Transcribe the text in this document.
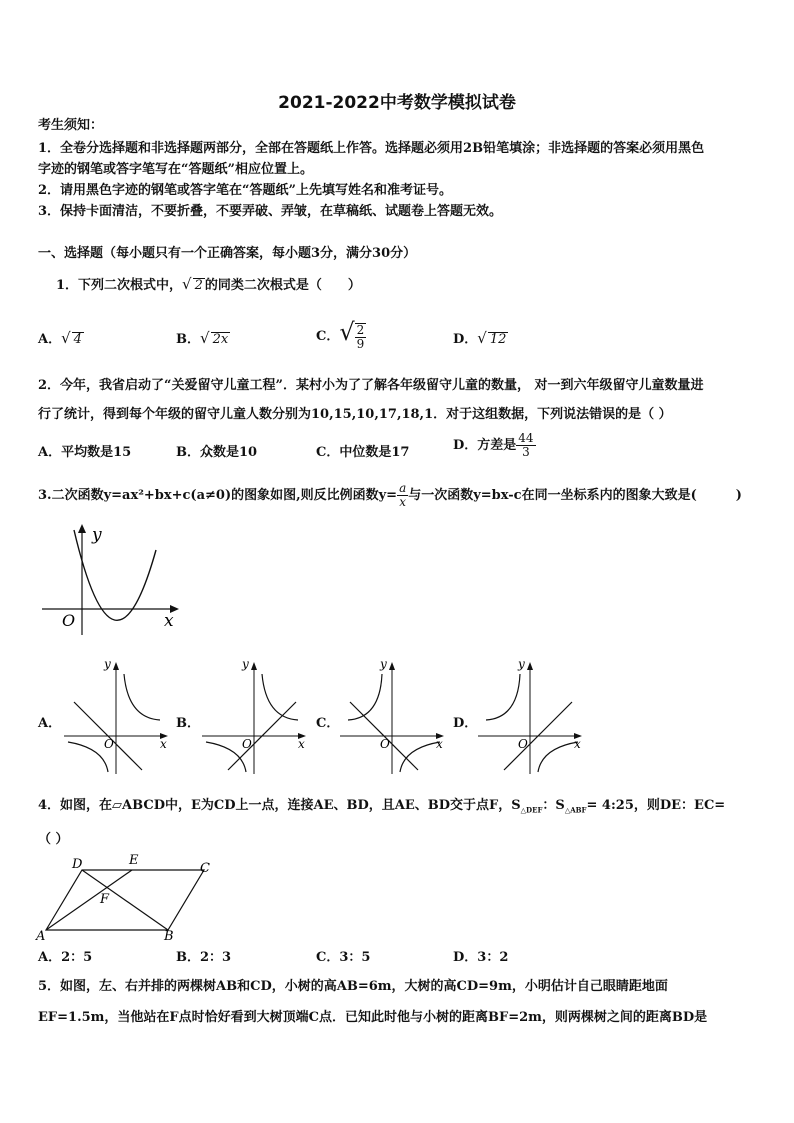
2021-2022中考数学模拟试卷
考生须知：
1．全卷分选择题和非选择题两部分，全部在答题纸上作答。选择题必须用2B铅笔填涂；非选择题的答案必须用黑色
字迹的钢笔或答字笔写在“答题纸”相应位置上。
2．请用黑色字迹的钢笔或答字笔在“答题纸”上先填写姓名和准考证号。
3．保持卡面清洁，不要折叠，不要弄破、弄皱，在草稿纸、试题卷上答题无效。
一、选择题（每小题只有一个正确答案，每小题3分，满分30分）
1．下列二次根式中，√ 2 的同类二次根式是（　　）
A．√ 4	B．√ 2x	C．√ $\frac{2}{9}$	D．√ 12
2．今年，我省启动了“关爱留守儿童工程”．某村小为了了解各年级留守儿童的数量， 对一到六年级留守儿童数量进
行了统计，得到每个年级的留守儿童人数分别为10,15,10,17,18,1．对于这组数据，下列说法错误的是（ ）
A．平均数是15	B．众数是10	C．中位数是17	D．方差是 $\frac{44}{3}$
3.二次函数y=ax²+bx+c(a≠0)的图象如图,则反比例函数$y= \frac{a}{x}$ 与一次函数y=bx-c在同一坐标系内的图象大致是(　　　)
y
O	x
A．	B．	C．	D．
y
O	x
y
O	x
y
O	x
y
O	x
4．如图，在▱ABCD中，E为CD上一点，连接AE、BD，且AE、BD交于点F，$S_{\triangle DEF}$：$S_{\triangle ABF}=$ 4:25，则DE：EC=
（ ）
D	E
C
F
A	B
A．2：5	B．2：3	C．3：5	D．3：2
5．如图，左、右并排的两棵树AB和CD，小树的高AB=6m，大树的高CD=9m，小明估计自己眼睛距地面
EF=1.5m，当他站在F点时恰好看到大树顶端C点．已知此时他与小树的距离BF=2m，则两棵树之间的距离BD是
